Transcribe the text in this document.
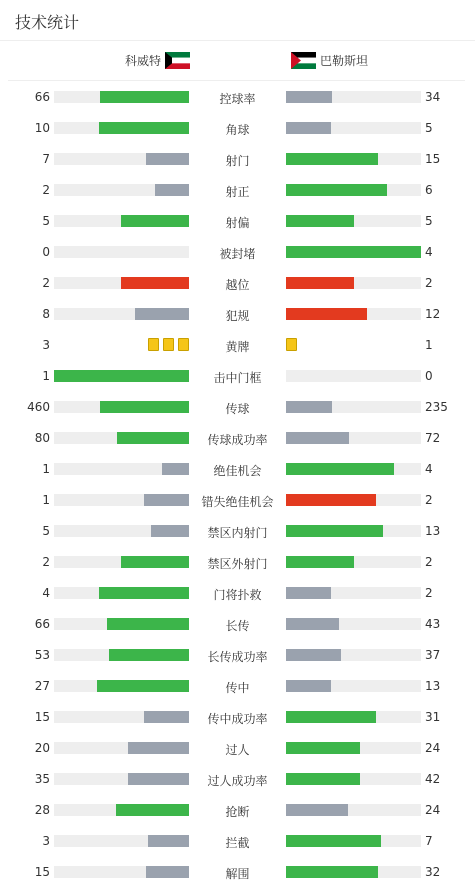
技术统计
科威特	巴勒斯坦
66	控球率	34
10	角球	5
7	射门	15
2	射正	6
5	射偏	5
0	被封堵	4
2	越位	2
8	犯规	12
3	黄牌	1
1	击中门框	0
460	传球	235
80	传球成功率	72
1	绝佳机会	4
1	错失绝佳机会	2
5	禁区内射门	13
2	禁区外射门	2
4	门将扑救	2
66	长传	43
53	长传成功率	37
27	传中	13
15	传中成功率	31
20	过人	24
35	过人成功率	42
28	抢断	24
3	拦截	7
15	解围	32
